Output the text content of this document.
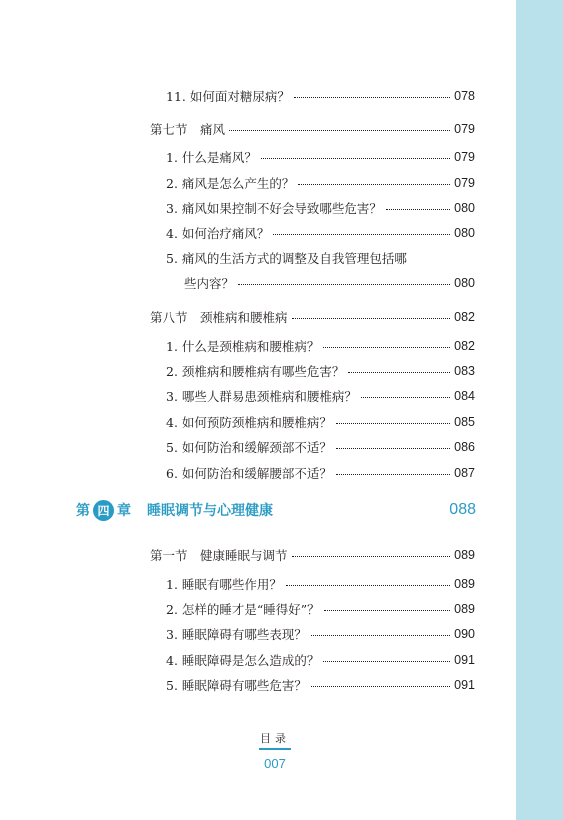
11. 如何面对糖尿病？	078
第七节　痛风	079
1. 什么是痛风？	079
2. 痛风是怎么产生的？	079
3. 痛风如果控制不好会导致哪些危害？	080
4. 如何治疗痛风？	080
5. 痛风的生活方式的调整及自我管理包括哪
些内容？	080
第八节　颈椎病和腰椎病	082
1. 什么是颈椎病和腰椎病？	082
2. 颈椎病和腰椎病有哪些危害？	083
3. 哪些人群易患颈椎病和腰椎病？	084
4. 如何预防颈椎病和腰椎病？	085
5. 如何防治和缓解颈部不适？	086
6. 如何防治和缓解腰部不适？	087
第 四 章 睡眠调节与心理健康	088
第一节　健康睡眠与调节	089
1. 睡眠有哪些作用？	089
2. 怎样的睡才是“睡得好”？	089
3. 睡眠障碍有哪些表现？	090
4. 睡眠障碍是怎么造成的？	091
5. 睡眠障碍有哪些危害？	091
目录
007
